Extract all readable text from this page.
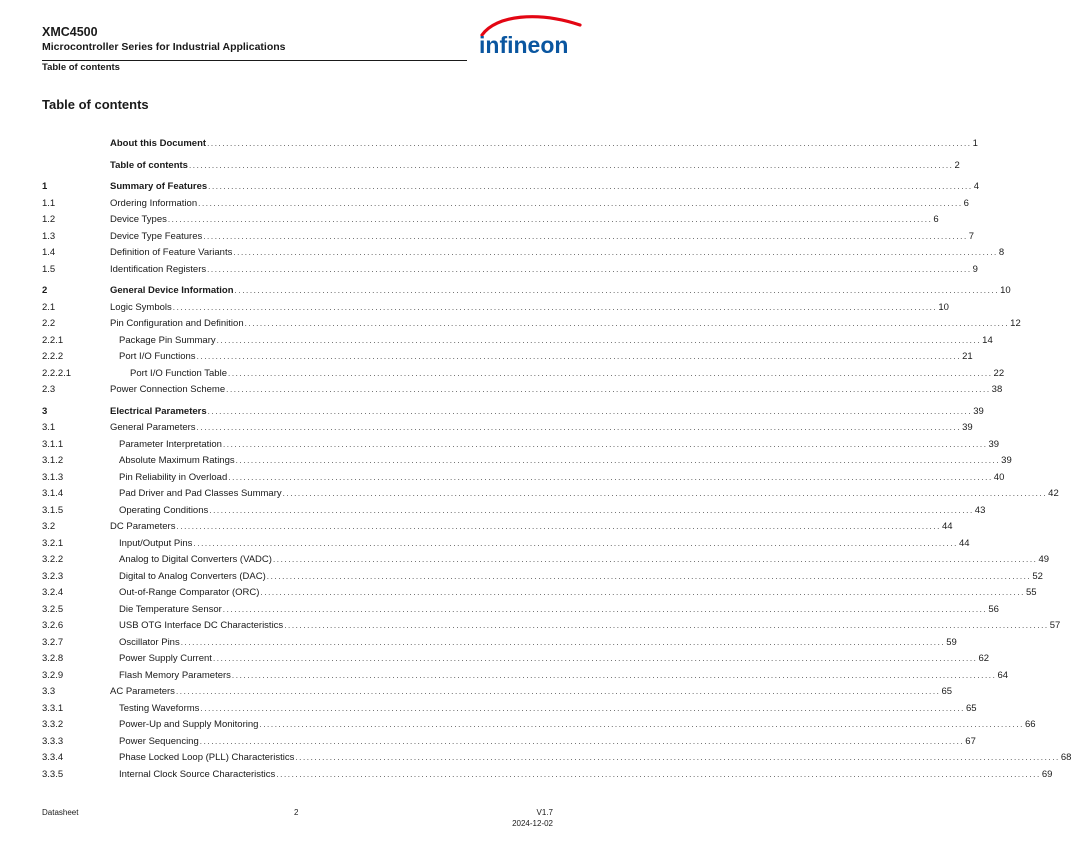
XMC4500
Microcontroller Series for Industrial Applications
Table of contents
infineon
Table of contents
About this Document ........................................................................................................................................................................................................ 1
Table of contents ........................................................................................................................................................................................................ 2
1	Summary of Features ........................................................................................................................................................................................................ 4
1.1	Ordering Information ........................................................................................................................................................................................................ 6
1.2	Device Types ........................................................................................................................................................................................................ 6
1.3	Device Type Features ........................................................................................................................................................................................................ 7
1.4	Definition of Feature Variants ........................................................................................................................................................................................................ 8
1.5	Identification Registers ........................................................................................................................................................................................................ 9
2	General Device Information ........................................................................................................................................................................................................ 10
2.1	Logic Symbols ........................................................................................................................................................................................................ 10
2.2	Pin Configuration and Definition ........................................................................................................................................................................................................ 12
2.2.1	Package Pin Summary ........................................................................................................................................................................................................ 14
2.2.2	Port I/O Functions ........................................................................................................................................................................................................ 21
2.2.2.1	Port I/O Function Table ........................................................................................................................................................................................................ 22
2.3	Power Connection Scheme ........................................................................................................................................................................................................ 38
3	Electrical Parameters ........................................................................................................................................................................................................ 39
3.1	General Parameters ........................................................................................................................................................................................................ 39
3.1.1	Parameter Interpretation ........................................................................................................................................................................................................ 39
3.1.2	Absolute Maximum Ratings ........................................................................................................................................................................................................ 39
3.1.3	Pin Reliability in Overload ........................................................................................................................................................................................................ 40
3.1.4	Pad Driver and Pad Classes Summary ........................................................................................................................................................................................................ 42
3.1.5	Operating Conditions ........................................................................................................................................................................................................ 43
3.2	DC Parameters ........................................................................................................................................................................................................ 44
3.2.1	Input/Output Pins ........................................................................................................................................................................................................ 44
3.2.2	Analog to Digital Converters (VADC) ........................................................................................................................................................................................................ 49
3.2.3	Digital to Analog Converters (DAC) ........................................................................................................................................................................................................ 52
3.2.4	Out-of-Range Comparator (ORC) ........................................................................................................................................................................................................ 55
3.2.5	Die Temperature Sensor ........................................................................................................................................................................................................ 56
3.2.6	USB OTG Interface DC Characteristics ........................................................................................................................................................................................................ 57
3.2.7	Oscillator Pins ........................................................................................................................................................................................................ 59
3.2.8	Power Supply Current ........................................................................................................................................................................................................ 62
3.2.9	Flash Memory Parameters ........................................................................................................................................................................................................ 64
3.3	AC Parameters ........................................................................................................................................................................................................ 65
3.3.1	Testing Waveforms ........................................................................................................................................................................................................ 65
3.3.2	Power-Up and Supply Monitoring ........................................................................................................................................................................................................ 66
3.3.3	Power Sequencing ........................................................................................................................................................................................................ 67
3.3.4	Phase Locked Loop (PLL) Characteristics ........................................................................................................................................................................................................ 68
3.3.5	Internal Clock Source Characteristics ........................................................................................................................................................................................................ 69
Datasheet	2	V1.7
2024-12-02
